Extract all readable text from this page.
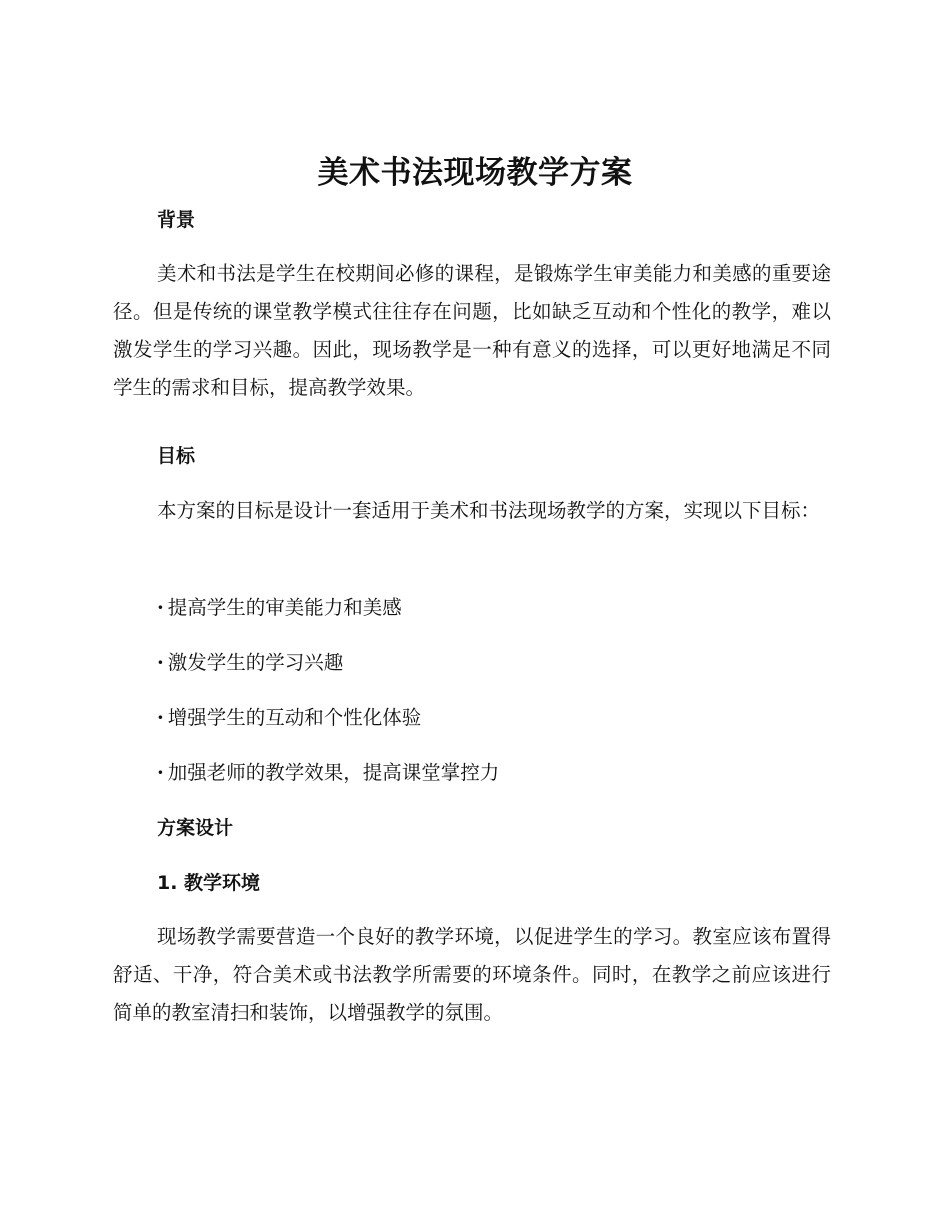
美术书法现场教学方案
背景

美术和书法是学生在校期间必修的课程，是锻炼学生审美能力和美感的重要途径。但是传统的课堂教学模式往往存在问题，比如缺乏互动和个性化的教学，难以激发学生的学习兴趣。因此，现场教学是一种有意义的选择，可以更好地满足不同学生的需求和目标，提高教学效果。

目标

本方案的目标是设计一套适用于美术和书法现场教学的方案，实现以下目标：

· 提高学生的审美能力和美感
· 激发学生的学习兴趣
· 增强学生的互动和个性化体验
· 加强老师的教学效果，提高课堂掌控力
方案设计
1. 教学环境

现场教学需要营造一个良好的教学环境，以促进学生的学习。教室应该布置得舒适、干净，符合美术或书法教学所需要的环境条件。同时，在教学之前应该进行简单的教室清扫和装饰，以增强教学的氛围。
